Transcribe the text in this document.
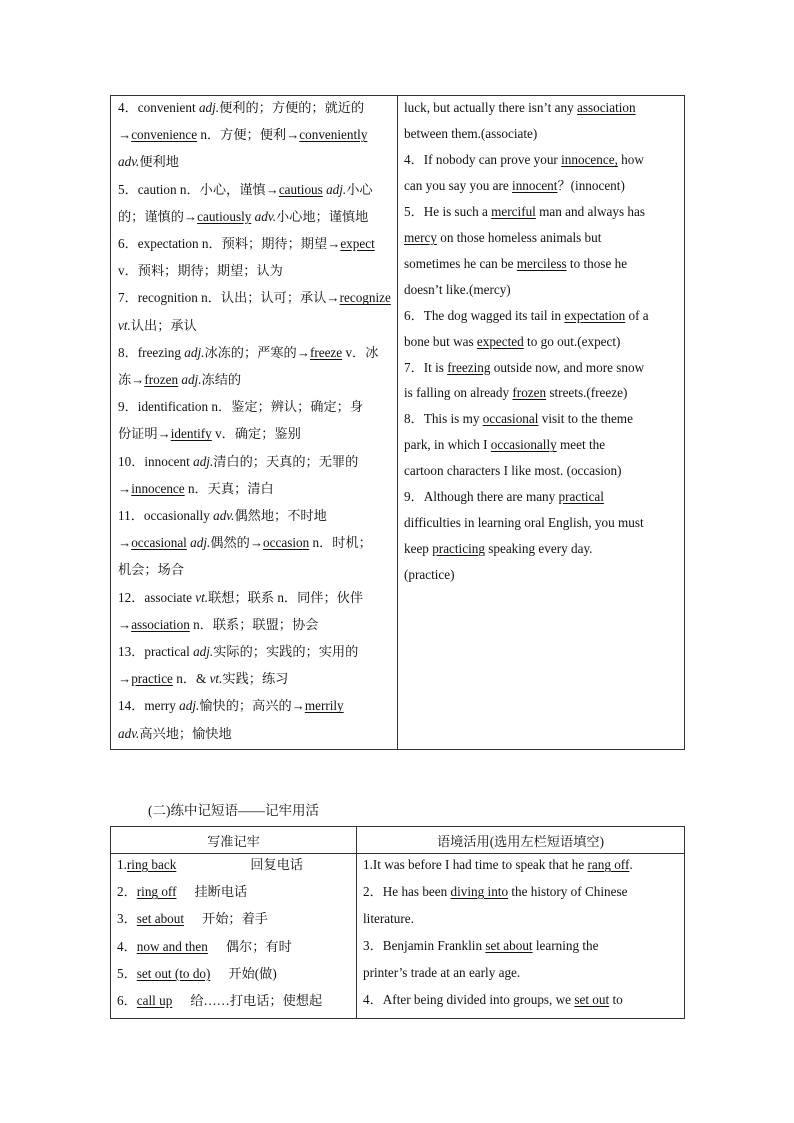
4．convenient adj.便利的；方便的；就近的
→convenience n．方便；便利→conveniently
adv.便利地
5．caution n．小心，谨慎→cautious adj.小心
的；谨慎的→cautiously adv.小心地；谨慎地
6．expectation n．预料；期待；期望→expect
v．预料；期待；期望；认为
7．recognition n．认出；认可；承认→recognize
vt.认出；承认
8．freezing adj.冰冻的；严寒的→freeze v．冰
冻→frozen adj.冻结的
9．identification n．鉴定；辨认；确定；身
份证明→identify v．确定；鉴别
10．innocent adj.清白的；天真的；无罪的
→innocence n．天真；清白
11．occasionally adv.偶然地；不时地
→occasional adj.偶然的→occasion n．时机；
机会；场合
12．associate vt.联想；联系 n．同伴；伙伴
→association n．联系；联盟；协会
13．practical adj.实际的；实践的；实用的
→practice n．& vt.实践；练习
14．merry adj.愉快的；高兴的→merrily
adv.高兴地；愉快地
luck, but actually there isn’t any association
between them.(associate)
4．If nobody can prove your innocence, how
can you say you are innocent？(innocent)
5．He is such a merciful man and always has
mercy on those homeless animals but
sometimes he can be merciless to those he
doesn’t like.(mercy)
6．The dog wagged its tail in expectation of a
bone but was expected to go out.(expect)
7．It is freezing outside now, and more snow
is falling on already frozen streets.(freeze)
8．This is my occasional visit to the theme
park, in which I occasionally meet the
cartoon characters I like most. (occasion)
9．Although there are many practical
difficulties in learning oral English, you must
keep practicing speaking every day.
(practice)
(二)练中记短语——记牢用活
写准记牢	语境活用(选用左栏短语填空)
1.ring back	回复电话
2．ring off 挂断电话
3．set about 开始；着手
4．now and then 偶尔；有时
5．set out (to do) 开始(做)
6．call up 给……打电话；使想起
1.It was before I had time to speak that he rang off.
2．He has been diving into the history of Chinese
literature.
3．Benjamin Franklin set about learning the
printer’s trade at an early age.
4．After being divided into groups, we set out to
